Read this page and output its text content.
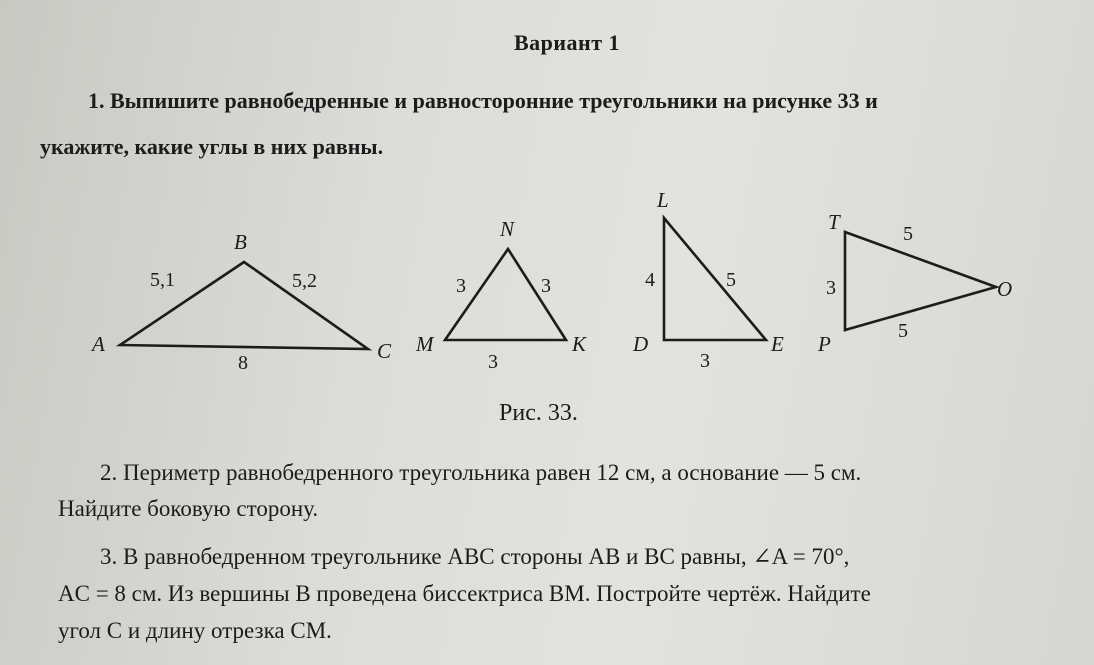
Вариант 1
1. Выпишите равнобедренные и равносторонние треугольники на рисунке 33 и
укажите, какие углы в них равны.
A
B
C
5,1	5,2
8
M
N
K
3	3
3
L
D	E
4	5
3
T
O
P
5
3
5
Рис. 33.
2. Периметр равнобедренного треугольника равен 12 см, а основание — 5 см.
Найдите боковую сторону.
3. В равнобедренном треугольнике ABC стороны AB и BC равны, ∠A = 70°,
AC = 8 см. Из вершины B проведена биссектриса BM. Постройте чертёж. Найдите
угол C и длину отрезка CM.
